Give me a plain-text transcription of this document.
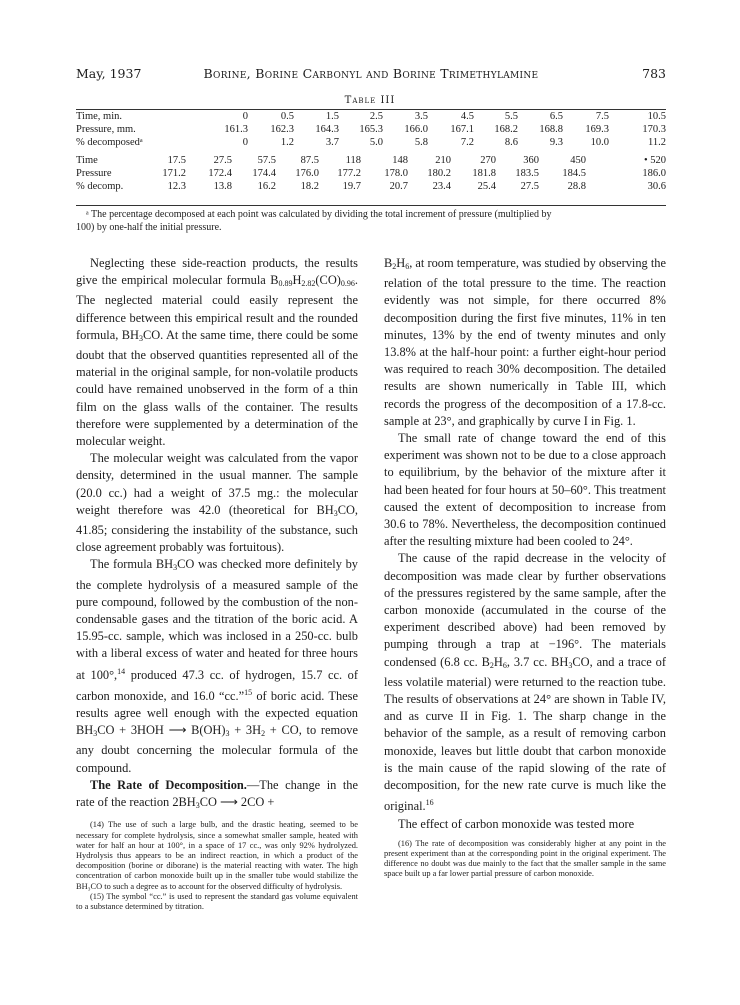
May, 1937	Borine, Borine Carbonyl and Borine Trimethylamine	783
Table III
Time, min.	0	0.5	1.5	2.5	3.5	4.5	5.5	6.5	7.5	10.5
Pressure, mm.	161.3	162.3	164.3	165.3	166.0	167.1	168.2	168.8	169.3	170.3
% decomposedᵃ	0	1.2	3.7	5.0	5.8	7.2	8.6	9.3	10.0	11.2
Time	17.5	27.5	57.5	87.5	118	148	210	270	360	450	• 520
Pressure	171.2	172.4	174.4	176.0	177.2	178.0	180.2	181.8	183.5	184.5	186.0
% decomp.	12.3	13.8	16.2	18.2	19.7	20.7	23.4	25.4	27.5	28.8	30.6
ᵃ The percentage decomposed at each point was calculated by dividing the total increment of pressure (multiplied by
100) by one-half the initial pressure.

Neglecting these side-reaction products, the results give the empirical molecular formula $B_{0.89}H_{2.82}(CO)_{0.96}$. The neglected material could easily represent the difference between this empirical result and the rounded formula, $BH_3CO$. At the same time, there could be some doubt that the observed quantities represented all of the material in the original sample, for non-volatile products could have remained unobserved in the form of a thin film on the glass walls of the container. The results therefore were supplemented by a determination of the molecular weight.

The molecular weight was calculated from the vapor density, determined in the usual manner. The sample (20.0 cc.) had a weight of 37.5 mg.: the molecular weight therefore was 42.0 (theoretical for $BH_3CO$, 41.85; considering the instability of the substance, such close agreement probably was fortuitous).

The formula $BH_3CO$ was checked more definitely by the complete hydrolysis of a measured sample of the pure compound, followed by the combustion of the non-condensable gases and the titration of the boric acid. A 15.95-cc. sample, which was inclosed in a 250-cc. bulb with a liberal excess of water and heated for three hours at 100°,$^{14}$ produced 47.3 cc. of hydrogen, 15.7 cc. of carbon monoxide, and 16.0 “cc.”$^{15}$ of boric acid. These results agree well enough with the expected equation $BH_3CO + 3HOH$ ⟶ $B(OH)_3 + 3H_2$ + CO, to remove any doubt concerning the molecular formula of the compound.

The Rate of Decomposition.—The change in the rate of the reaction $2BH_3CO$ ⟶ 2CO +

(14) The use of such a large bulb, and the drastic heating, seemed to be necessary for complete hydrolysis, since a somewhat smaller sample, heated with water for half an hour at 100°, in a space of 17 cc., was only 92% hydrolyzed. Hydrolysis thus appears to be an indirect reaction, in which a product of the decomposition (borine or diborane) is the material reacting with water. The high concentration of carbon monoxide built up in the smaller tube would stabilize the BH₃CO to such a degree as to account for the observed difficulty of hydrolysis.

(15) The symbol “cc.” is used to represent the standard gas volume equivalent to a substance determined by titration.

$B_2H_6$, at room temperature, was studied by observing the relation of the total pressure to the time. The reaction evidently was not simple, for there occurred 8% decomposition during the first five minutes, 11% in ten minutes, 13% by the end of twenty minutes and only 13.8% at the half-hour point: a further eight-hour period was required to reach 30% decomposition. The detailed results are shown numerically in Table III, which records the progress of the decomposition of a 17.8-cc. sample at 23°, and graphically by curve I in Fig. 1.

The small rate of change toward the end of this experiment was shown not to be due to a close approach to equilibrium, by the behavior of the mixture after it had been heated for four hours at 50–60°. This treatment caused the extent of decomposition to increase from 30.6 to 78%. Nevertheless, the decomposition continued after the resulting mixture had been cooled to 24°.

The cause of the rapid decrease in the velocity of decomposition was made clear by further observations of the pressures registered by the same sample, after the carbon monoxide (accumulated in the course of the experiment described above) had been removed by pumping through a trap at −196°. The materials condensed (6.8 cc. $B_2H_6$, 3.7 cc. $BH_3CO$, and a trace of less volatile material) were returned to the reaction tube. The results of observations at 24° are shown in Table IV, and as curve II in Fig. 1. The sharp change in the behavior of the sample, as a result of removing carbon monoxide, leaves but little doubt that carbon monoxide is the main cause of the rapid slowing of the rate of decomposition, for the new rate curve is much like the original.$^{16}$

The effect of carbon monoxide was tested more

(16) The rate of decomposition was considerably higher at any point in the present experiment than at the corresponding point in the original experiment. The difference no doubt was due mainly to the fact that the smaller sample in the same space built up a far lower partial pressure of carbon monoxide.
